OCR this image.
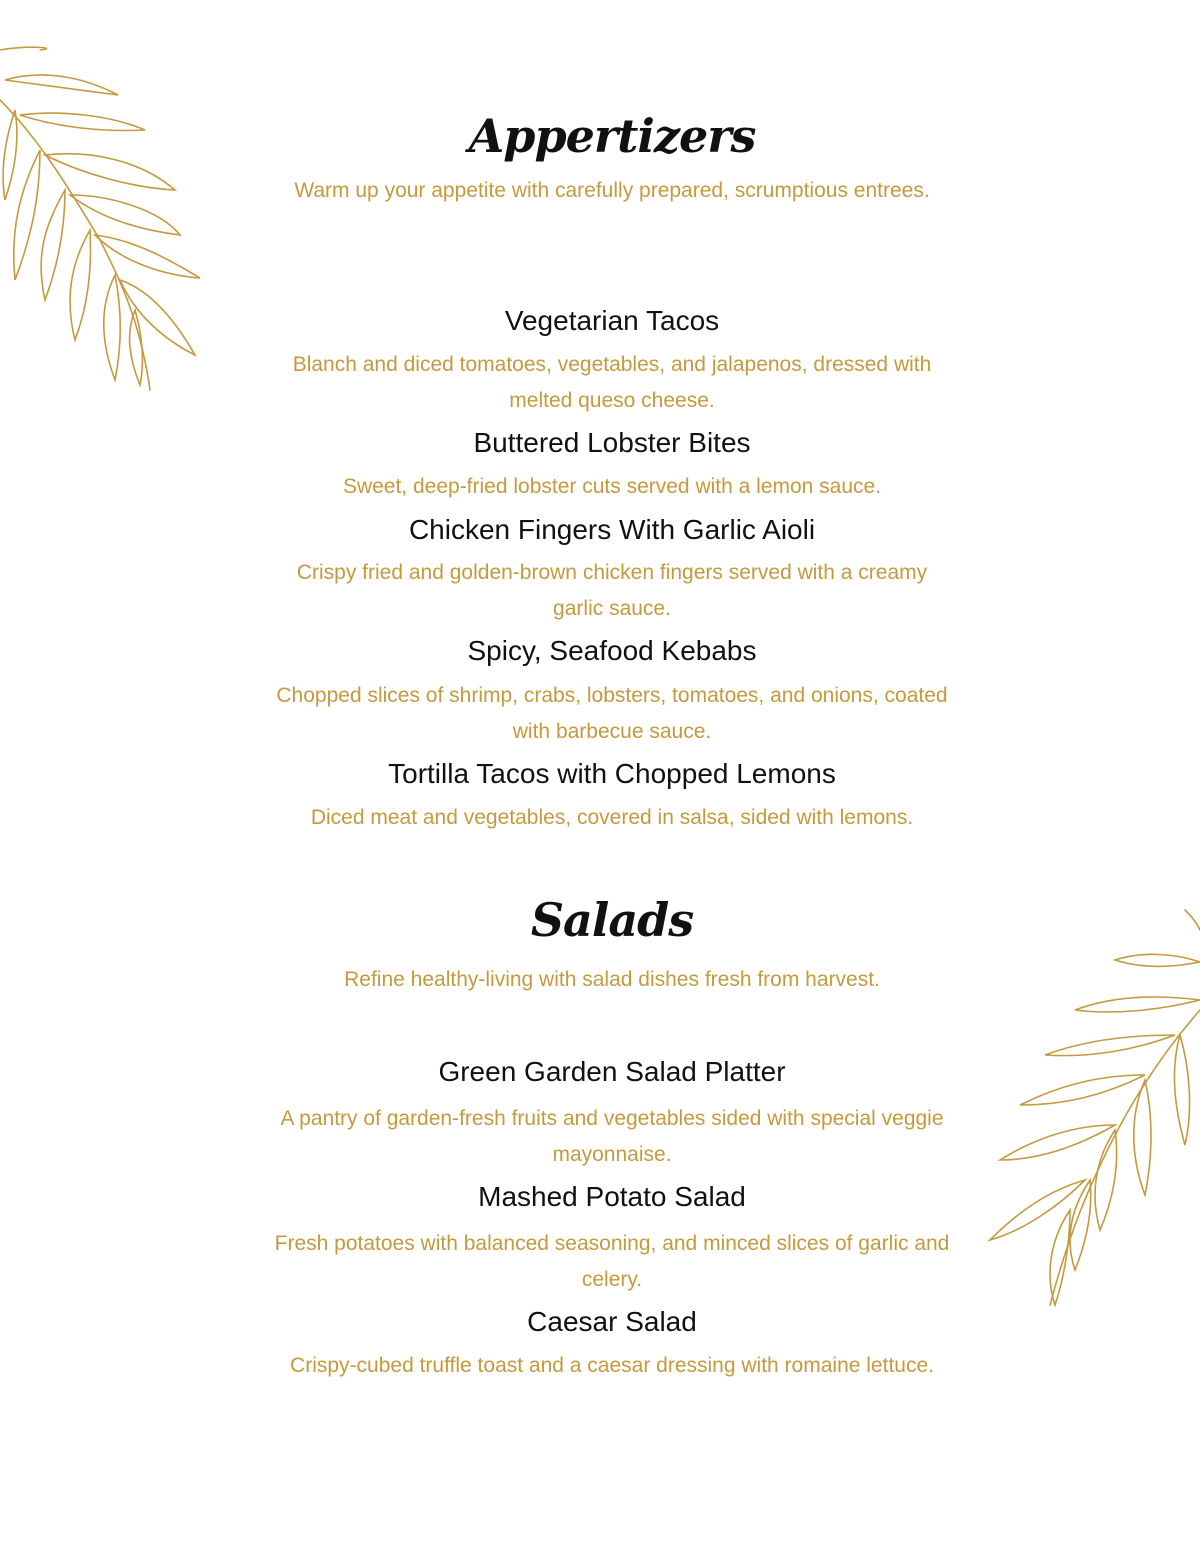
Appertizers

Warm up your appetite with carefully prepared, scrumptious entrees.

Vegetarian Tacos

Blanch and diced tomatoes, vegetables, and jalapenos, dressed with melted queso cheese.

Buttered Lobster Bites

Sweet, deep-fried lobster cuts served with a lemon sauce.

Chicken Fingers With Garlic Aioli

Crispy fried and golden-brown chicken fingers served with a creamy garlic sauce.

Spicy, Seafood Kebabs

Chopped slices of shrimp, crabs, lobsters, tomatoes, and onions, coated with barbecue sauce.

Tortilla Tacos with Chopped Lemons

Diced meat and vegetables, covered in salsa, sided with lemons.

Salads

Refine healthy-living with salad dishes fresh from harvest.

Green Garden Salad Platter

A pantry of garden-fresh fruits and vegetables sided with special veggie mayonnaise.

Mashed Potato Salad

Fresh potatoes with balanced seasoning, and minced slices of garlic and celery.

Caesar Salad

Crispy-cubed truffle toast and a caesar dressing with romaine lettuce.
